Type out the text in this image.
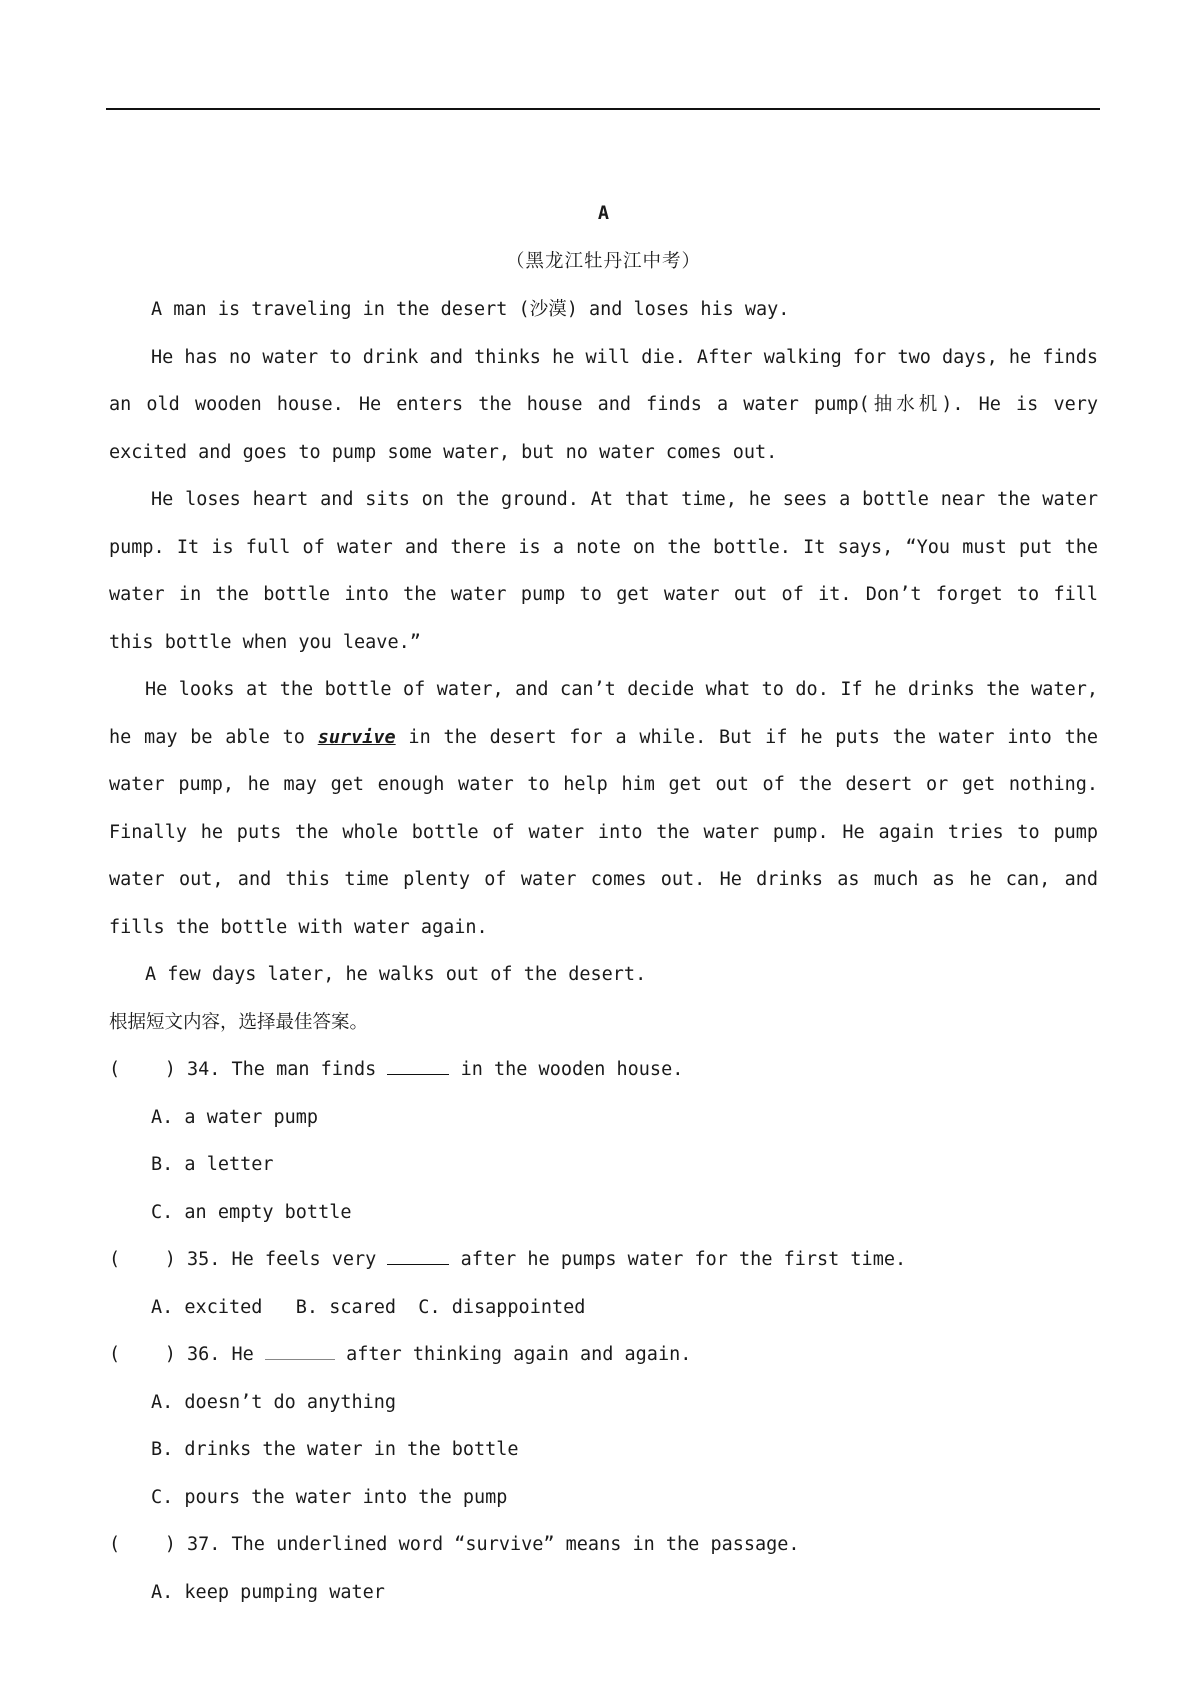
A

（黑龙江牡丹江中考）

A man is traveling in the desert (沙漠) and loses his way.

He has no water to drink and thinks he will die. After walking for two days, he finds an old wooden house. He enters the house and finds a water pump(抽水机). He is very excited and goes to pump some water, but no water comes out.

He loses heart and sits on the ground. At that time, he sees a bottle near the water pump. It is full of water and there is a note on the bottle. It says, “You must put the water in the bottle into the water pump to get water out of it. Don’t forget to fill this bottle when you leave.”

He looks at the bottle of water, and can’t decide what to do. If he drinks the water, he may be able to survive in the desert for a while. But if he puts the water into the water pump, he may get enough water to help him get out of the desert or get nothing. Finally he puts the whole bottle of water into the water pump. He again tries to pump water out, and this time plenty of water comes out. He drinks as much as he can, and fills the bottle with water again.

A few days later, he walks out of the desert.

根据短文内容，选择最佳答案。

(    ) 34. The man finds	in the wooden house.

A. a water pump

B. a letter

C. an empty bottle

(    ) 35. He feels very	after he pumps water for the first time.

A. excited   B. scared  C. disappointed

(    ) 36. He	after thinking again and again.

A. doesn’t do anything

B. drinks the water in the bottle

C. pours the water into the pump

(    ) 37. The underlined word “survive” means in the passage.

A. keep pumping water
